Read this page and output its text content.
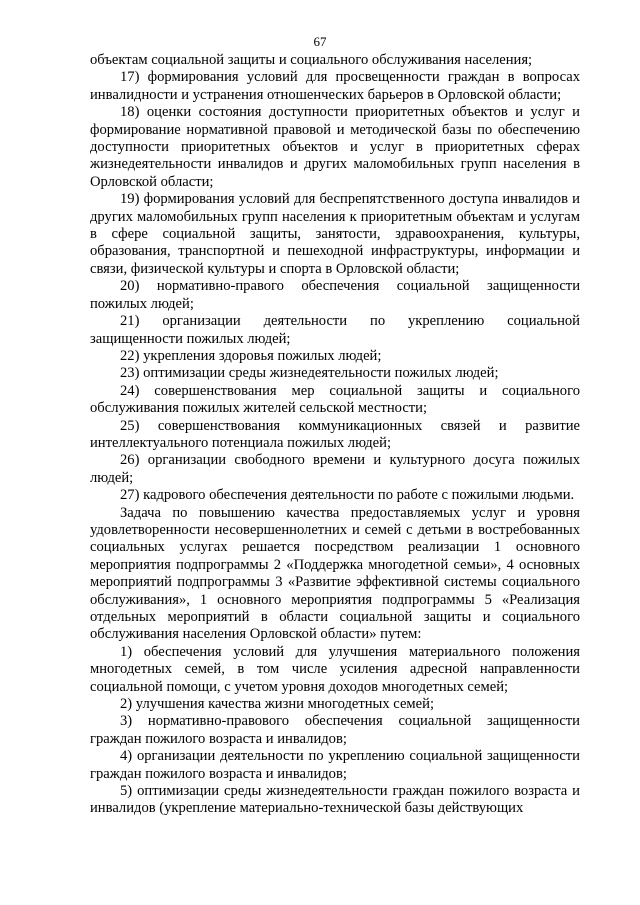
67

объектам социальной защиты и социального обслуживания населения;

17) формирования условий для просвещенности граждан в вопросах инвалидности и устранения отношенческих барьеров в Орловской области;

18) оценки состояния доступности приоритетных объектов и услуг и формирование нормативной правовой и методической базы по обеспечению доступности приоритетных объектов и услуг в приоритетных сферах жизнедеятельности инвалидов и других маломобильных групп населения в Орловской области;

19) формирования условий для беспрепятственного доступа инвалидов и других маломобильных групп населения к приоритетным объектам и услугам в сфере социальной защиты, занятости, здравоохранения, культуры, образования, транспортной и пешеходной инфраструктуры, информации и связи, физической культуры и спорта в Орловской области;

20) нормативно-правого обеспечения социальной защищенности пожилых людей;

21) организации деятельности по укреплению социальной защищенности пожилых людей;

22) укрепления здоровья пожилых людей;

23) оптимизации среды жизнедеятельности пожилых людей;

24) совершенствования мер социальной защиты и социального обслуживания пожилых жителей сельской местности;

25) совершенствования коммуникационных связей и развитие интеллектуального потенциала пожилых людей;

26) организации свободного времени и культурного досуга пожилых людей;

27) кадрового обеспечения деятельности по работе с пожилыми людьми.

Задача по повышению качества предоставляемых услуг и уровня удовлетворенности несовершеннолетних и семей с детьми в востребованных социальных услугах решается посредством реализации 1 основного мероприятия подпрограммы 2 «Поддержка многодетной семьи», 4 основных мероприятий подпрограммы 3 «Развитие эффективной системы социального обслуживания», 1 основного мероприятия подпрограммы 5 «Реализация отдельных мероприятий в области социальной защиты и социального обслуживания населения Орловской области» путем:

1) обеспечения условий для улучшения материального положения многодетных семей, в том числе усиления адресной направленности социальной помощи, с учетом уровня доходов многодетных семей;

2) улучшения качества жизни многодетных семей;

3) нормативно-правового обеспечения социальной защищенности граждан пожилого возраста и инвалидов;

4) организации деятельности по укреплению социальной защищенности граждан пожилого возраста и инвалидов;

5) оптимизации среды жизнедеятельности граждан пожилого возраста и инвалидов (укрепление материально-технической базы действующих
